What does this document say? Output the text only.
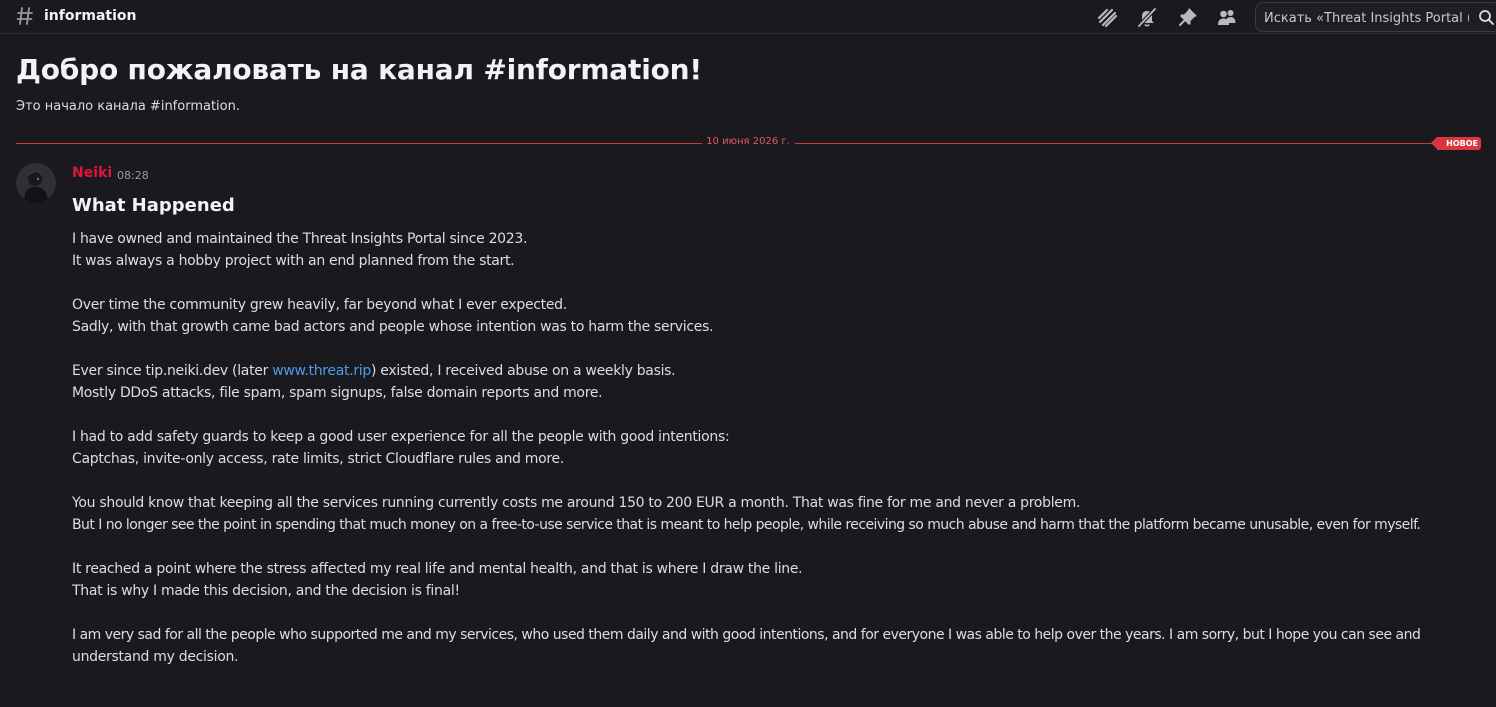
information
Искать «Threat Insights Portal (...
Добро пожаловать на канал #information!
Это начало канала #information.
10 июня 2026 г.	НОВОЕ
Neiki 08:28
What Happened
I have owned and maintained the Threat Insights Portal since 2023.
It was always a hobby project with an end planned from the start.
Over time the community grew heavily, far beyond what I ever expected.
Sadly, with that growth came bad actors and people whose intention was to harm the services.
Ever since tip.neiki.dev (later www.threat.rip) existed, I received abuse on a weekly basis.
Mostly DDoS attacks, file spam, spam signups, false domain reports and more.
I had to add safety guards to keep a good user experience for all the people with good intentions:
Captchas, invite-only access, rate limits, strict Cloudflare rules and more.
You should know that keeping all the services running currently costs me around 150 to 200 EUR a month. That was fine for me and never a problem.
But I no longer see the point in spending that much money on a free-to-use service that is meant to help people, while receiving so much abuse and harm that the platform became unusable, even for myself.
It reached a point where the stress affected my real life and mental health, and that is where I draw the line.
That is why I made this decision, and the decision is final!
I am very sad for all the people who supported me and my services, who used them daily and with good intentions, and for everyone I was able to help over the years. I am sorry, but I hope you can see and
understand my decision.
